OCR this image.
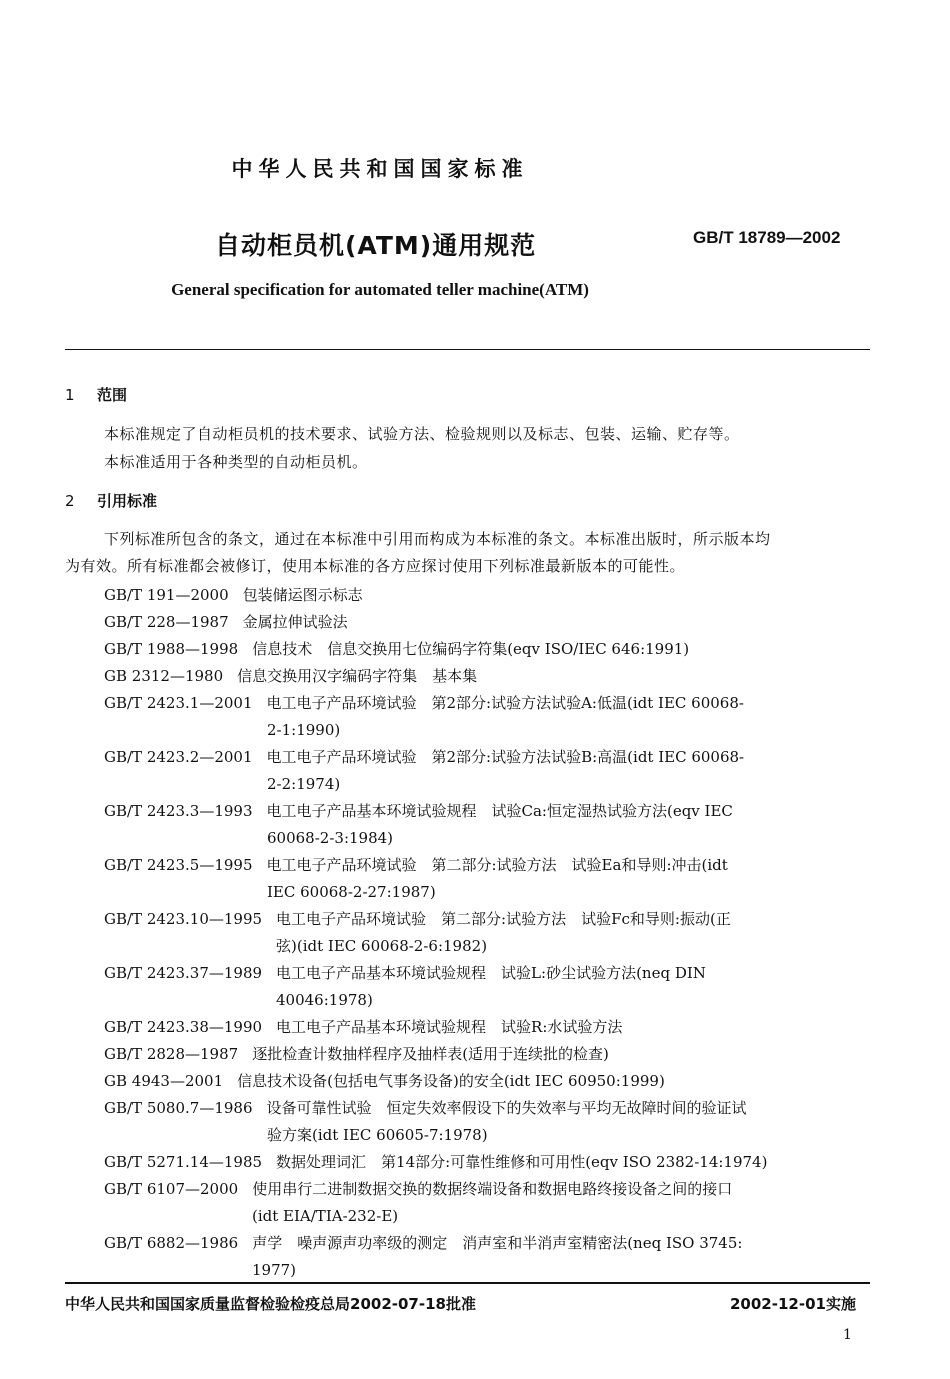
中华人民共和国国家标准
自动柜员机(ATM)通用规范	GB/T 18789—2002
General specification for automated teller machine(ATM)
1 范围
本标准规定了自动柜员机的技术要求、试验方法、检验规则以及标志、包装、运输、贮存等。
本标准适用于各种类型的自动柜员机。
2 引用标准
下列标准所包含的条文，通过在本标准中引用而构成为本标准的条文。本标准出版时，所示版本均
为有效。所有标准都会被修订，使用本标准的各方应探讨使用下列标准最新版本的可能性。
GB/T 191—2000 包装储运图示标志
GB/T 228—1987 金属拉伸试验法
GB/T 1988—1998 信息技术　信息交换用七位编码字符集(eqv ISO/IEC 646:1991)
GB 2312—1980 信息交换用汉字编码字符集　基本集
GB/T 2423.1—2001 电工电子产品环境试验　第2部分:试验方法试验A:低温(idt IEC 60068-
2-1:1990)
GB/T 2423.2—2001 电工电子产品环境试验　第2部分:试验方法试验B:高温(idt IEC 60068-
2-2:1974)
GB/T 2423.3—1993 电工电子产品基本环境试验规程　试验Ca:恒定湿热试验方法(eqv IEC
60068-2-3:1984)
GB/T 2423.5—1995 电工电子产品环境试验　第二部分:试验方法　试验Ea和导则:冲击(idt
IEC 60068-2-27:1987)
GB/T 2423.10—1995 电工电子产品环境试验　第二部分:试验方法　试验Fc和导则:振动(正
弦)(idt IEC 60068-2-6:1982)
GB/T 2423.37—1989 电工电子产品基本环境试验规程　试验L:砂尘试验方法(neq DIN
40046:1978)
GB/T 2423.38—1990 电工电子产品基本环境试验规程　试验R:水试验方法
GB/T 2828—1987 逐批检查计数抽样程序及抽样表(适用于连续批的检查)
GB 4943—2001 信息技术设备(包括电气事务设备)的安全(idt IEC 60950:1999)
GB/T 5080.7—1986 设备可靠性试验　恒定失效率假设下的失效率与平均无故障时间的验证试
验方案(idt IEC 60605-7:1978)
GB/T 5271.14—1985 数据处理词汇　第14部分:可靠性维修和可用性(eqv ISO 2382-14:1974)
GB/T 6107—2000 使用串行二进制数据交换的数据终端设备和数据电路终接设备之间的接口
(idt EIA/TIA-232-E)
GB/T 6882—1986 声学　噪声源声功率级的测定　消声室和半消声室精密法(neq ISO 3745:
1977)
中华人民共和国国家质量监督检验检疫总局2002-07-18批准	2002-12-01实施
1
